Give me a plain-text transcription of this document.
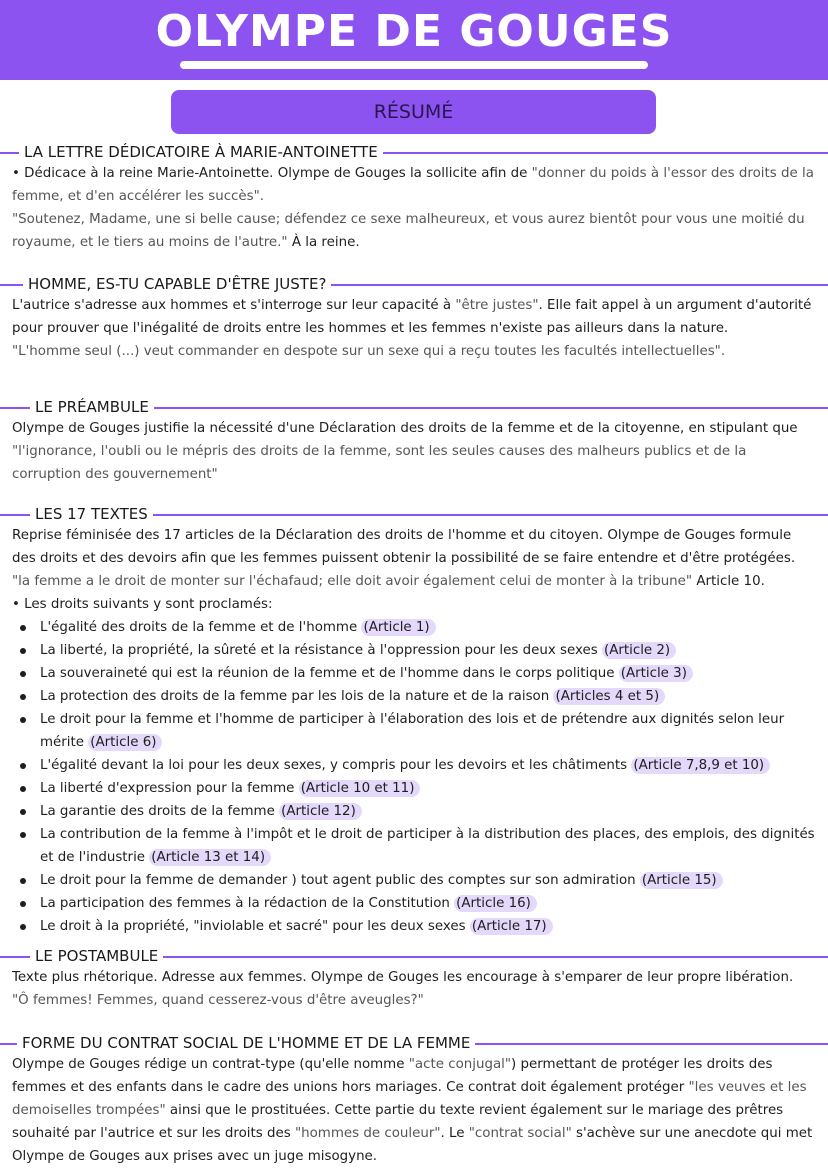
OLYMPE DE GOUGES
RÉSUMÉ
LA LETTRE DÉDICATOIRE À MARIE-ANTOINETTE
• Dédicace à la reine Marie-Antoinette. Olympe de Gouges la sollicite afin de "donner du poids à l'essor des droits de la femme, et d'en accélérer les succès".
"Soutenez, Madame, une si belle cause; défendez ce sexe malheureux, et vous aurez bientôt pour vous une moitié du royaume, et le tiers au moins de l'autre." À la reine.
HOMME, ES-TU CAPABLE D'ÊTRE JUSTE?
L'autrice s'adresse aux hommes et s'interroge sur leur capacité à "être justes". Elle fait appel à un argument d'autorité pour prouver que l'inégalité de droits entre les hommes et les femmes n'existe pas ailleurs dans la nature.
"L'homme seul (...) veut commander en despote sur un sexe qui a reçu toutes les facultés intellectuelles".
LE PRÉAMBULE
Olympe de Gouges justifie la nécessité d'une Déclaration des droits de la femme et de la citoyenne, en stipulant que "l'ignorance, l'oubli ou le mépris des droits de la femme, sont les seules causes des malheurs publics et de la corruption des gouvernement"
LES 17 TEXTES
Reprise féminisée des 17 articles de la Déclaration des droits de l'homme et du citoyen. Olympe de Gouges formule des droits et des devoirs afin que les femmes puissent obtenir la possibilité de se faire entendre et d'être protégées.
"la femme a le droit de monter sur l'échafaud; elle doit avoir également celui de monter à la tribune" Article 10.
• Les droits suivants y sont proclamés:
L'égalité des droits de la femme et de l'homme (Article 1)
La liberté, la propriété, la sûreté et la résistance à l'oppression pour les deux sexes (Article 2)
La souveraineté qui est la réunion de la femme et de l'homme dans le corps politique (Article 3)
La protection des droits de la femme par les lois de la nature et de la raison (Articles 4 et 5)
Le droit pour la femme et l'homme de participer à l'élaboration des lois et de prétendre aux dignités selon leur mérite (Article 6)
L'égalité devant la loi pour les deux sexes, y compris pour les devoirs et les châtiments (Article 7,8,9 et 10)
La liberté d'expression pour la femme (Article 10 et 11)
La garantie des droits de la femme (Article 12)
La contribution de la femme à l'impôt et le droit de participer à la distribution des places, des emplois, des dignités et de l'industrie (Article 13 et 14)
Le droit pour la femme de demander ) tout agent public des comptes sur son admiration (Article 15)
La participation des femmes à la rédaction de la Constitution (Article 16)
Le droit à la propriété, "inviolable et sacré" pour les deux sexes (Article 17)
LE POSTAMBULE
Texte plus rhétorique. Adresse aux femmes. Olympe de Gouges les encourage à s'emparer de leur propre libération.
"Ô femmes! Femmes, quand cesserez-vous d'être aveugles?"
FORME DU CONTRAT SOCIAL DE L'HOMME ET DE LA FEMME
Olympe de Gouges rédige un contrat-type (qu'elle nomme "acte conjugal") permettant de protéger les droits des femmes et des enfants dans le cadre des unions hors mariages. Ce contrat doit également protéger "les veuves et les demoiselles trompées" ainsi que le prostituées. Cette partie du texte revient également sur le mariage des prêtres souhaité par l'autrice et sur les droits des "hommes de couleur". Le "contrat social" s'achève sur une anecdote qui met Olympe de Gouges aux prises avec un juge misogyne.
